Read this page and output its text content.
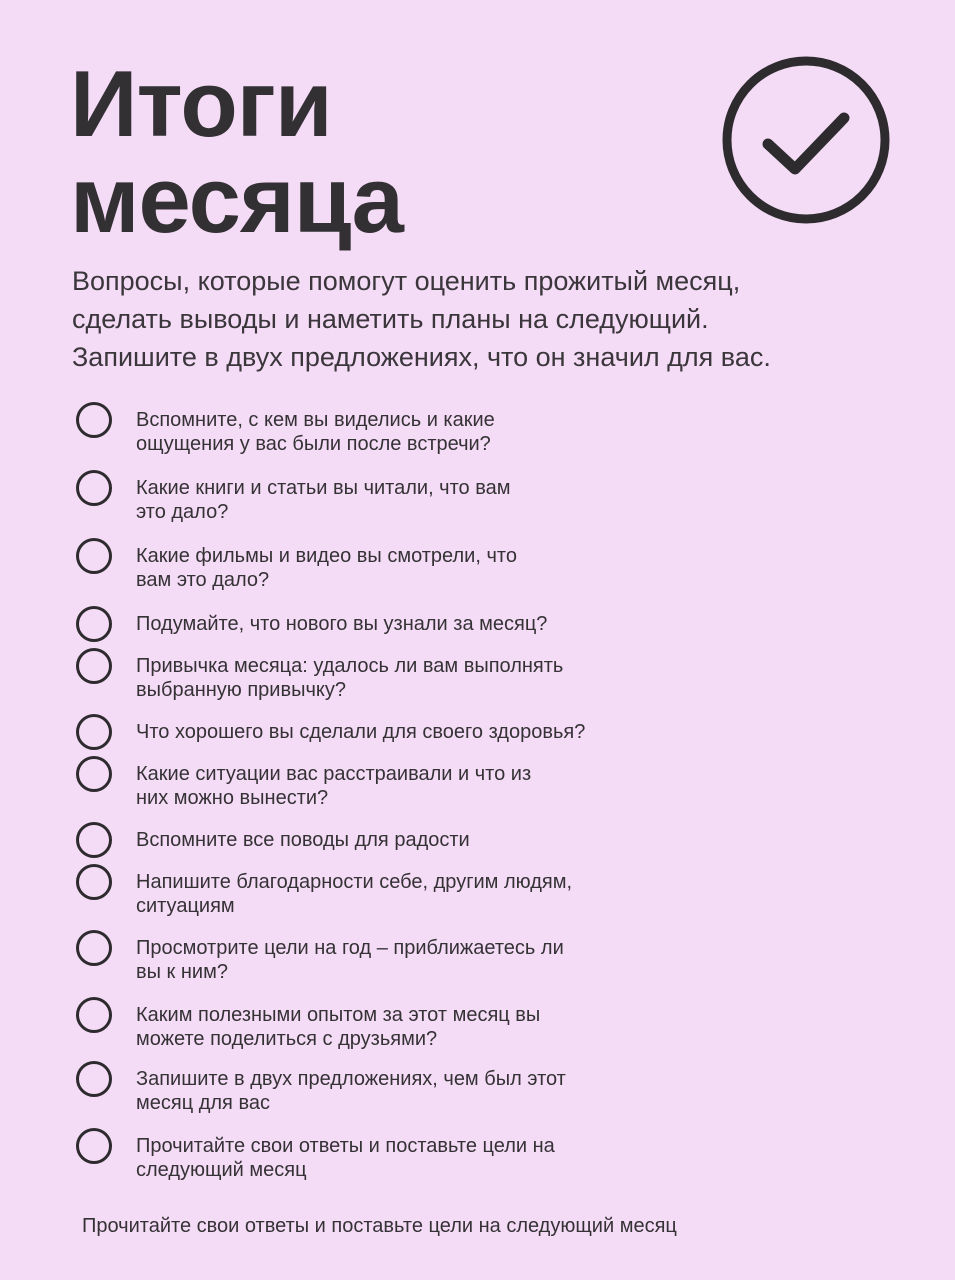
Итоги
месяца

Вопросы, которые помогут оценить прожитый месяц,
сделать выводы и наметить планы на следующий.
Запишите в двух предложениях, что он значил для вас.

Вспомните, с кем вы виделись и какие
ощущения у вас были после встречи?
Какие книги и статьи вы читали, что вам
это дало?
Какие фильмы и видео вы смотрели, что
вам это дало?
Подумайте, что нового вы узнали за месяц?
Привычка месяца: удалось ли вам выполнять
выбранную привычку?
Что хорошего вы сделали для своего здоровья?
Какие ситуации вас расстраивали и что из
них можно вынести?
Вспомните все поводы для радости
Напишите благодарности себе, другим людям,
ситуациям
Просмотрите цели на год – приближаетесь ли
вы к ним?
Каким полезными опытом за этот месяц вы
можете поделиться с друзьями?
Запишите в двух предложениях, чем был этот
месяц для вас
Прочитайте свои ответы и поставьте цели на
следующий месяц

Прочитайте свои ответы и поставьте цели на следующий месяц
